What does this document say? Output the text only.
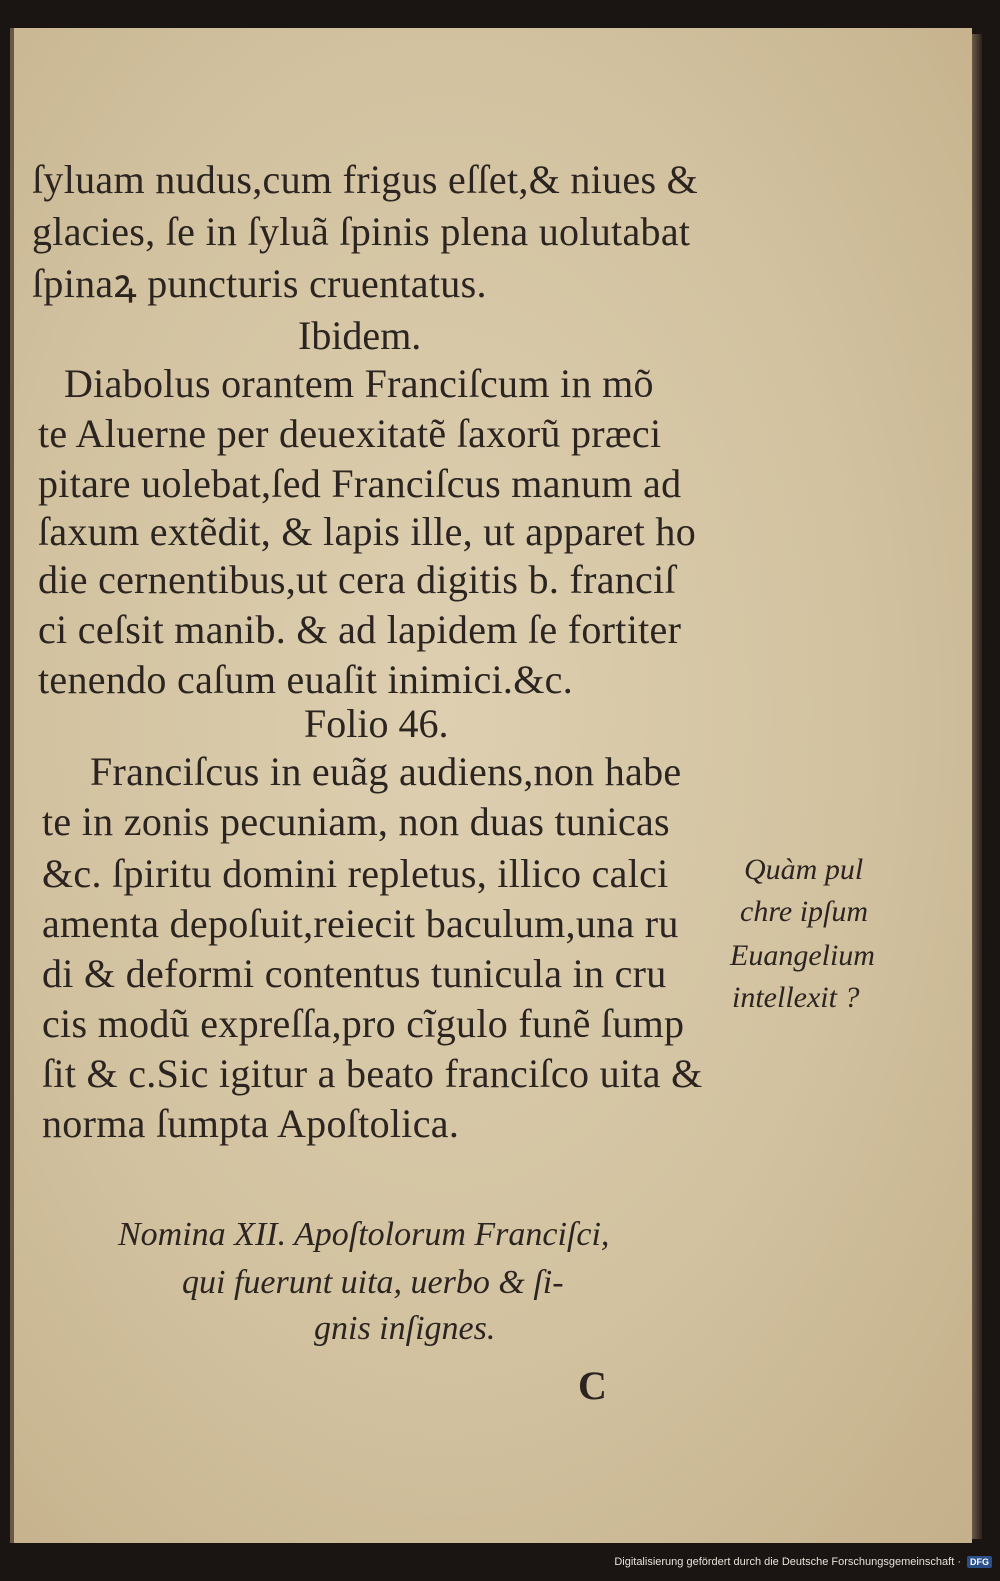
ſyluam nudus,cum frigus eſſet,& niues &
glacies, ſe in ſyluã ſpinis plena uolutabat
ſpinaꝝ puncturis cruentatus.
Ibidem.
Diabolus orantem Franciſcum in mõ
te Aluerne per deuexitatẽ ſaxorũ præci
pitare uolebat,ſed Franciſcus manum ad
ſaxum extẽdit, & lapis ille, ut apparet ho
die cernentibus,ut cera digitis b. franciſ
ci ceſsit manib. & ad lapidem ſe fortiter
tenendo caſum euaſit inimici.&c.
Folio 46.
Franciſcus in euãg audiens,non habe
te in zonis pecuniam, non duas tunicas
&c. ſpiritu domini repletus, illico calci
amenta depoſuit,reiecit baculum,una ru
di & deformi contentus tunicula in cru
cis modũ expreſſa,pro cĩgulo funẽ ſump
ſit & c.Sic igitur a beato franciſco uita &
norma ſumpta Apoſtolica.
Quàm pul
chre ipſum
Euangelium
intellexit ?
Nomina XII. Apoſtolorum Franciſci,
qui fuerunt uita, uerbo & ſi-
gnis inſignes.
C
Digitalisierung gefördert durch die Deutsche Forschungsgemeinschaft ·	DFG
